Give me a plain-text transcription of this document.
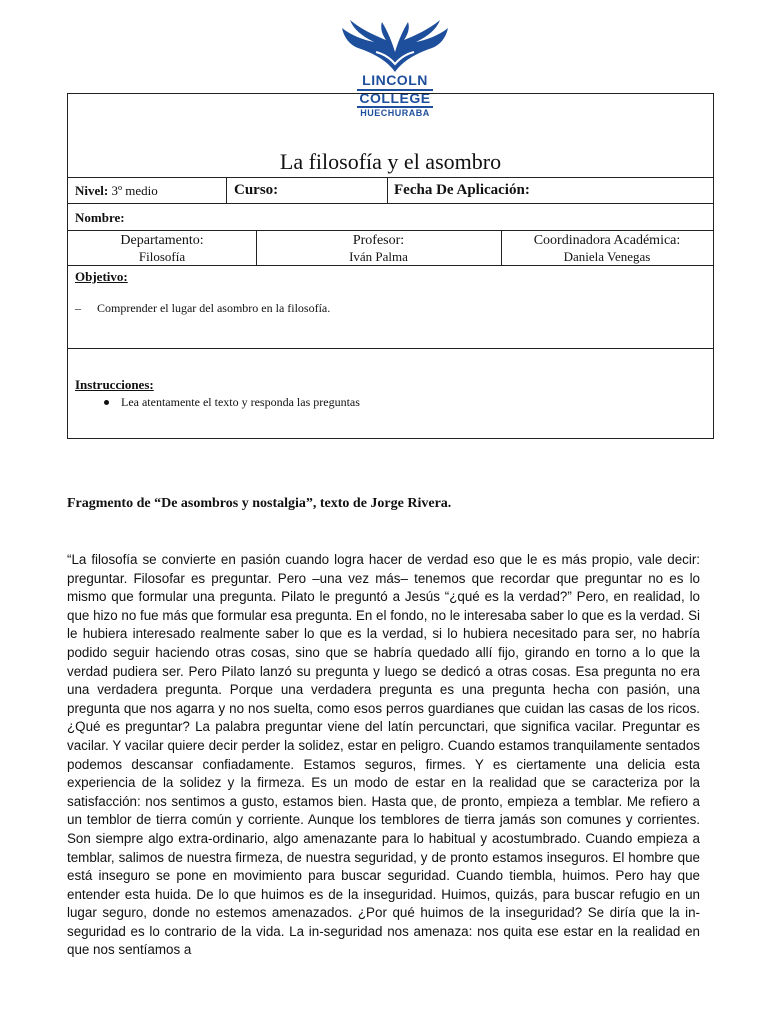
LINCOLN
COLLEGE
HUECHURABA
La filosofía y el asombro
Nivel: 3º medio	Curso:	Fecha De Aplicación:
Nombre:
Departamento:
Filosofía
Profesor:
Iván Palma
Coordinadora Académica:
Daniela Venegas
Objetivo:
– Comprender el lugar del asombro en la filosofía.
Instrucciones:
Lea atentamente el texto y responda las preguntas
Fragmento de “De asombros y nostalgia”, texto de Jorge Rivera.
“La filosofía se convierte en pasión cuando logra hacer de verdad eso que le es más propio, vale decir: preguntar. Filosofar es preguntar. Pero –una vez más– tenemos que recordar que preguntar no es lo mismo que formular una pregunta. Pilato le preguntó a Jesús “¿qué es la verdad?” Pero, en realidad, lo que hizo no fue más que formular esa pregunta. En el fondo, no le interesaba saber lo que es la verdad. Si le hubiera interesado realmente saber lo que es la verdad, si lo hubiera necesitado para ser, no habría podido seguir haciendo otras cosas, sino que se habría quedado allí fijo, girando en torno a lo que la verdad pudiera ser. Pero Pilato lanzó su pregunta y luego se dedicó a otras cosas. Esa pregunta no era una verdadera pregunta. Porque una verdadera pregunta es una pregunta hecha con pasión, una pregunta que nos agarra y no nos suelta, como esos perros guardianes que cuidan las casas de los ricos. ¿Qué es preguntar? La palabra preguntar viene del latín percunctari, que significa vacilar. Preguntar es vacilar. Y vacilar quiere decir perder la solidez, estar en peligro. Cuando estamos tranquilamente sentados podemos descansar confiadamente. Estamos seguros, firmes. Y es ciertamente una delicia esta experiencia de la solidez y la firmeza. Es un modo de estar en la realidad que se caracteriza por la satisfacción: nos sentimos a gusto, estamos bien. Hasta que, de pronto, empieza a temblar. Me refiero a un temblor de tierra común y corriente. Aunque los temblores de tierra jamás son comunes y corrientes. Son siempre algo extra-ordinario, algo amenazante para lo habitual y acostumbrado. Cuando empieza a temblar, salimos de nuestra firmeza, de nuestra seguridad, y de pronto estamos inseguros. El hombre que está inseguro se pone en movimiento para buscar seguridad. Cuando tiembla, huimos. Pero hay que entender esta huida. De lo que huimos es de la inseguridad. Huimos, quizás, para buscar refugio en un lugar seguro, donde no estemos amenazados. ¿Por qué huimos de la inseguridad? Se diría que la in-seguridad es lo contrario de la vida. La in-seguridad nos amenaza: nos quita ese estar en la realidad en que nos sentíamos a
